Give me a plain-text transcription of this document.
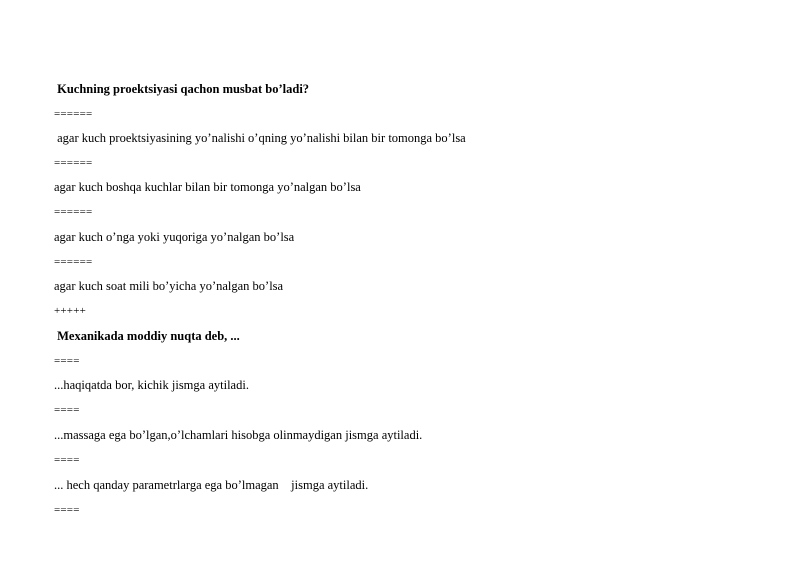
Kuchning proektsiyasi qachon musbat bo’ladi?
======
agar kuch proektsiyasining yo’nalishi o’qning yo’nalishi bilan bir tomonga bo’lsa
======
agar kuch boshqa kuchlar bilan bir tomonga yo’nalgan bo’lsa
======
agar kuch o’nga yoki yuqoriga yo’nalgan bo’lsa
======
agar kuch soat mili bo’yicha yo’nalgan bo’lsa
+++++
Mexanikada moddiy nuqta deb, ...
====
...haqiqatda bor, kichik jismga aytiladi.
====
...massaga ega bo’lgan,o’lchamlari hisobga olinmaydigan jismga aytiladi.
====
... hech qanday parametrlarga ega bo’lmagan    jismga aytiladi.
====
